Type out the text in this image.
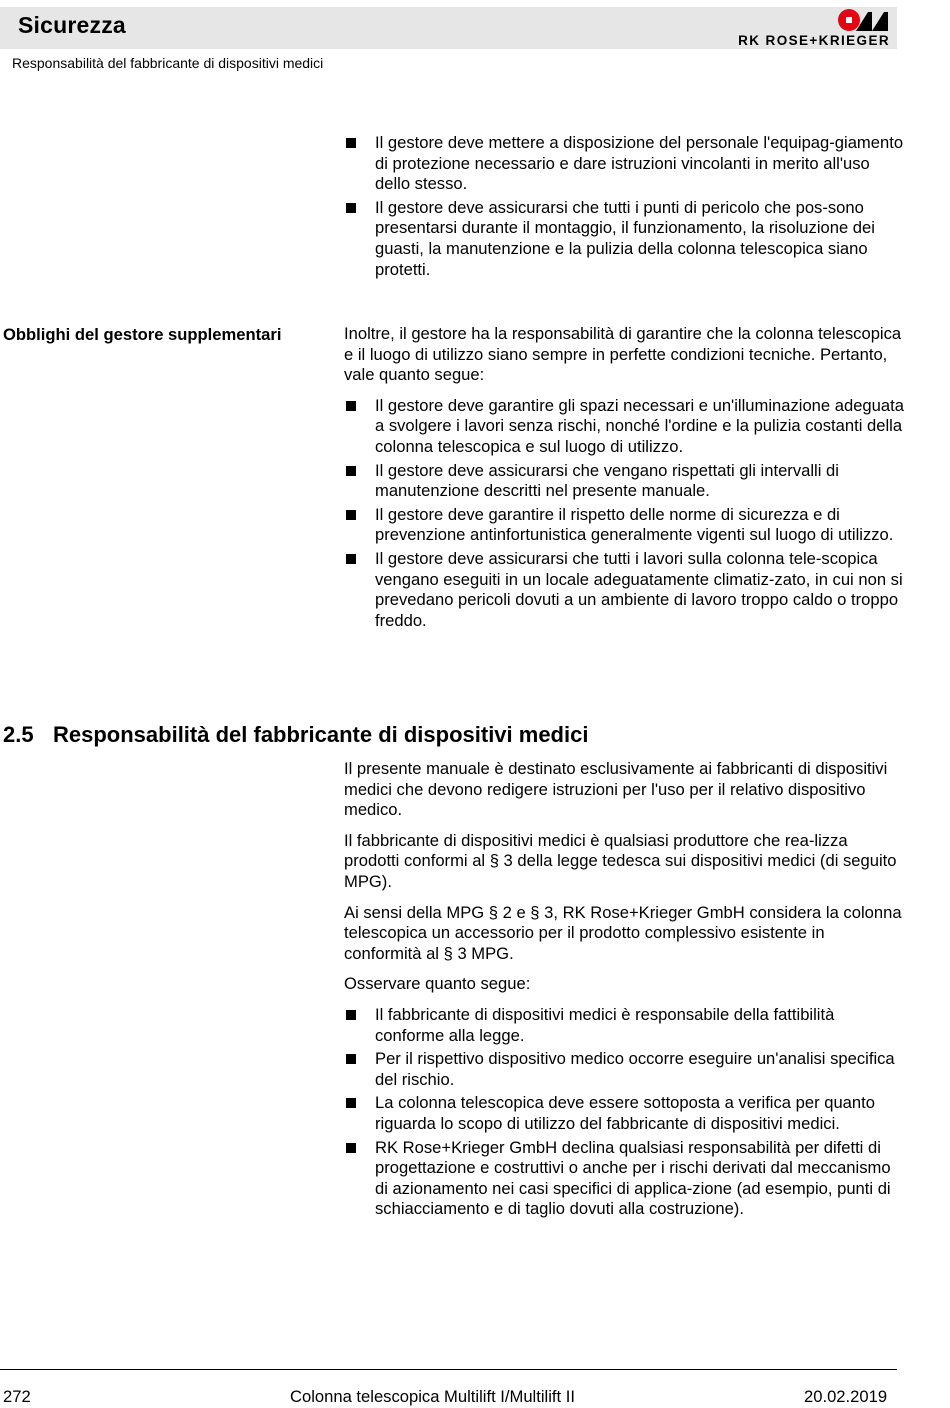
Sicurezza
Responsabilità del fabbricante di dispositivi medici
RK ROSE+KRIEGER
Il gestore deve mettere a disposizione del personale l'equipag-giamento di protezione necessario e dare istruzioni vincolanti in merito all'uso dello stesso.
Il gestore deve assicurarsi che tutti i punti di pericolo che pos-sono presentarsi durante il montaggio, il funzionamento, la risoluzione dei guasti, la manutenzione e la pulizia della colonna telescopica siano protetti.
Obblighi del gestore supplementari	Inoltre, il gestore ha la responsabilità di garantire che la colonna telescopica e il luogo di utilizzo siano sempre in perfette condizioni tecniche. Pertanto, vale quanto segue:
Il gestore deve garantire gli spazi necessari e un'illuminazione adeguata a svolgere i lavori senza rischi, nonché l'ordine e la pulizia costanti della colonna telescopica e sul luogo di utilizzo.
Il gestore deve assicurarsi che vengano rispettati gli intervalli di manutenzione descritti nel presente manuale.
Il gestore deve garantire il rispetto delle norme di sicurezza e di prevenzione antinfortunistica generalmente vigenti sul luogo di utilizzo.
Il gestore deve assicurarsi che tutti i lavori sulla colonna tele-scopica vengano eseguiti in un locale adeguatamente climatiz-zato, in cui non si prevedano pericoli dovuti a un ambiente di lavoro troppo caldo o troppo freddo.
2.5 Responsabilità del fabbricante di dispositivi medici
Il presente manuale è destinato esclusivamente ai fabbricanti di dispositivi medici che devono redigere istruzioni per l'uso per il relativo dispositivo medico.
Il fabbricante di dispositivi medici è qualsiasi produttore che rea-lizza prodotti conformi al § 3 della legge tedesca sui dispositivi medici (di seguito MPG).
Ai sensi della MPG § 2 e § 3, RK Rose+Krieger GmbH considera la colonna telescopica un accessorio per il prodotto complessivo esistente in conformità al § 3 MPG.
Osservare quanto segue:
Il fabbricante di dispositivi medici è responsabile della fattibilità conforme alla legge.
Per il rispettivo dispositivo medico occorre eseguire un'analisi specifica del rischio.
La colonna telescopica deve essere sottoposta a verifica per quanto riguarda lo scopo di utilizzo del fabbricante di dispositivi medici.
RK Rose+Krieger GmbH declina qualsiasi responsabilità per difetti di progettazione e costruttivi o anche per i rischi derivati dal meccanismo di azionamento nei casi specifici di applica-zione (ad esempio, punti di schiacciamento e di taglio dovuti alla costruzione).
272	Colonna telescopica Multilift I/Multilift II	20.02.2019
